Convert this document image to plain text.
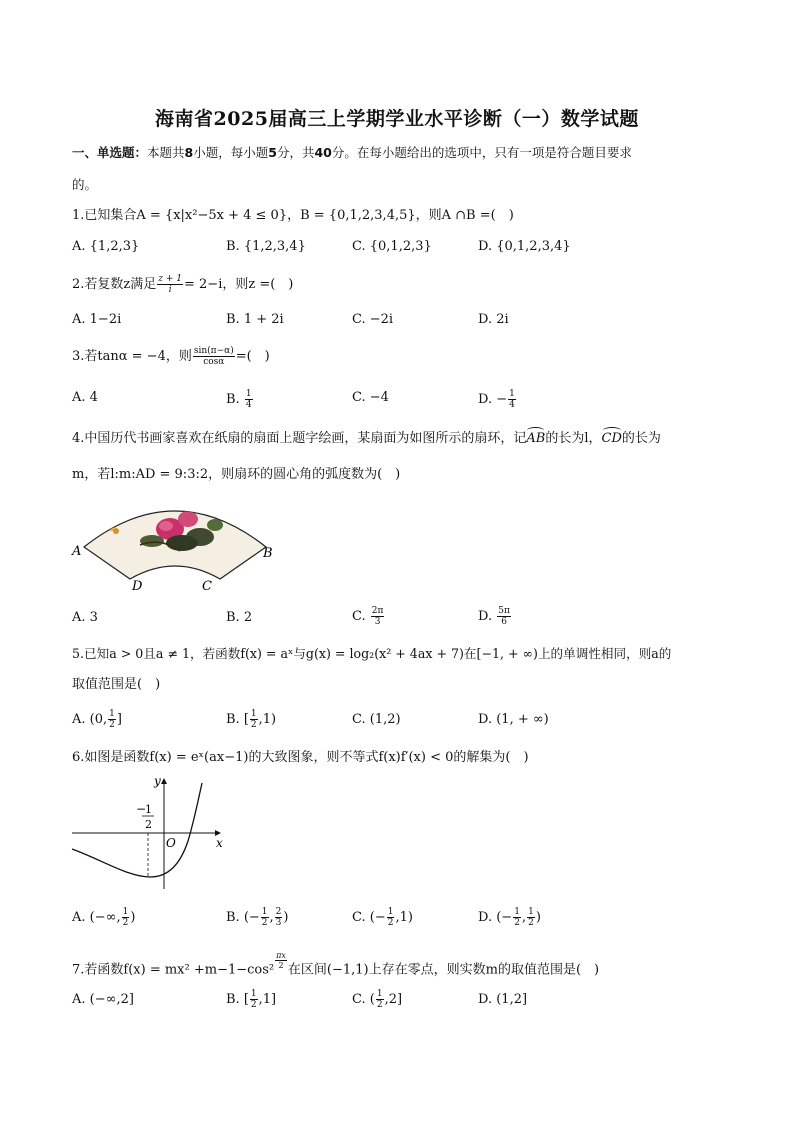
海南省2025届高三上学期学业水平诊断（一）数学试题
一、单选题：本题共8小题，每小题5分，共40分。在每小题给出的选项中，只有一项是符合题目要求
的。
1.已知集合A = {x|x²−5x + 4 ≤ 0}，B = {0,1,2,3,4,5}，则A ∩B =(　)
A. {1,2,3}	B. {1,2,3,4}	C. {0,1,2,3}	D. {0,1,2,3,4}
2.若复数z满足 $\frac{z + 1}{i} = 2-i$，则z =(　)
A. 1−2i	B. 1 + 2i	C. −2i	D. 2i
3.若tanα = −4，则 $\frac{\sin(\pi-\alpha)}{\cos\alpha}$ =(　)
A. 4	B. $\frac{1}{4}$	C. −4	D. − $\frac{1}{4}$
4.中国历代书画家喜欢在纸扇的扇面上题字绘画，某扇面为如图所示的扇环，记AB的长为l，CD的长为
m，若l:m:AD = 9:3:2，则扇环的圆心角的弧度数为(　)
A	B
D	C
A. 3	B. 2	C. $\frac{2\pi}{3}$	D. $\frac{5\pi}{6}$
5.已知a > 0且a ≠ 1，若函数f(x) = aˣ与g(x) = log₂(x² + 4ax + 7)在[−1, + ∞)上的单调性相同，则a的
取值范围是(　)
A. (0, $\frac{1}{2}$ ]	B. [ $\frac{1}{2} ,1$)	C. (1,2)	D. (1, + ∞)
6.如图是函数f(x) = eˣ(ax−1)的大致图象，则不等式f(x)f′(x) < 0的解集为(　)
y
x
O
−
1
2
A. (−∞, $\frac{1}{2}$ )	B. (− $\frac{1}{2}$ , $\frac{2}{3}$ )	C. (− $\frac{1}{2} ,1$)	D. (− $\frac{1}{2}$ , $\frac{1}{2}$ )
7.若函数$f(x) = mx^2 +m-1-\cos^2 \frac{\pi x}{2}$ 在区间(−1,1)上存在零点，则实数m的取值范围是(　)
A. (−∞,2]	B. [ $\frac{1}{2} ,1$]	C. ( $\frac{1}{2} ,2$]	D. (1,2]
